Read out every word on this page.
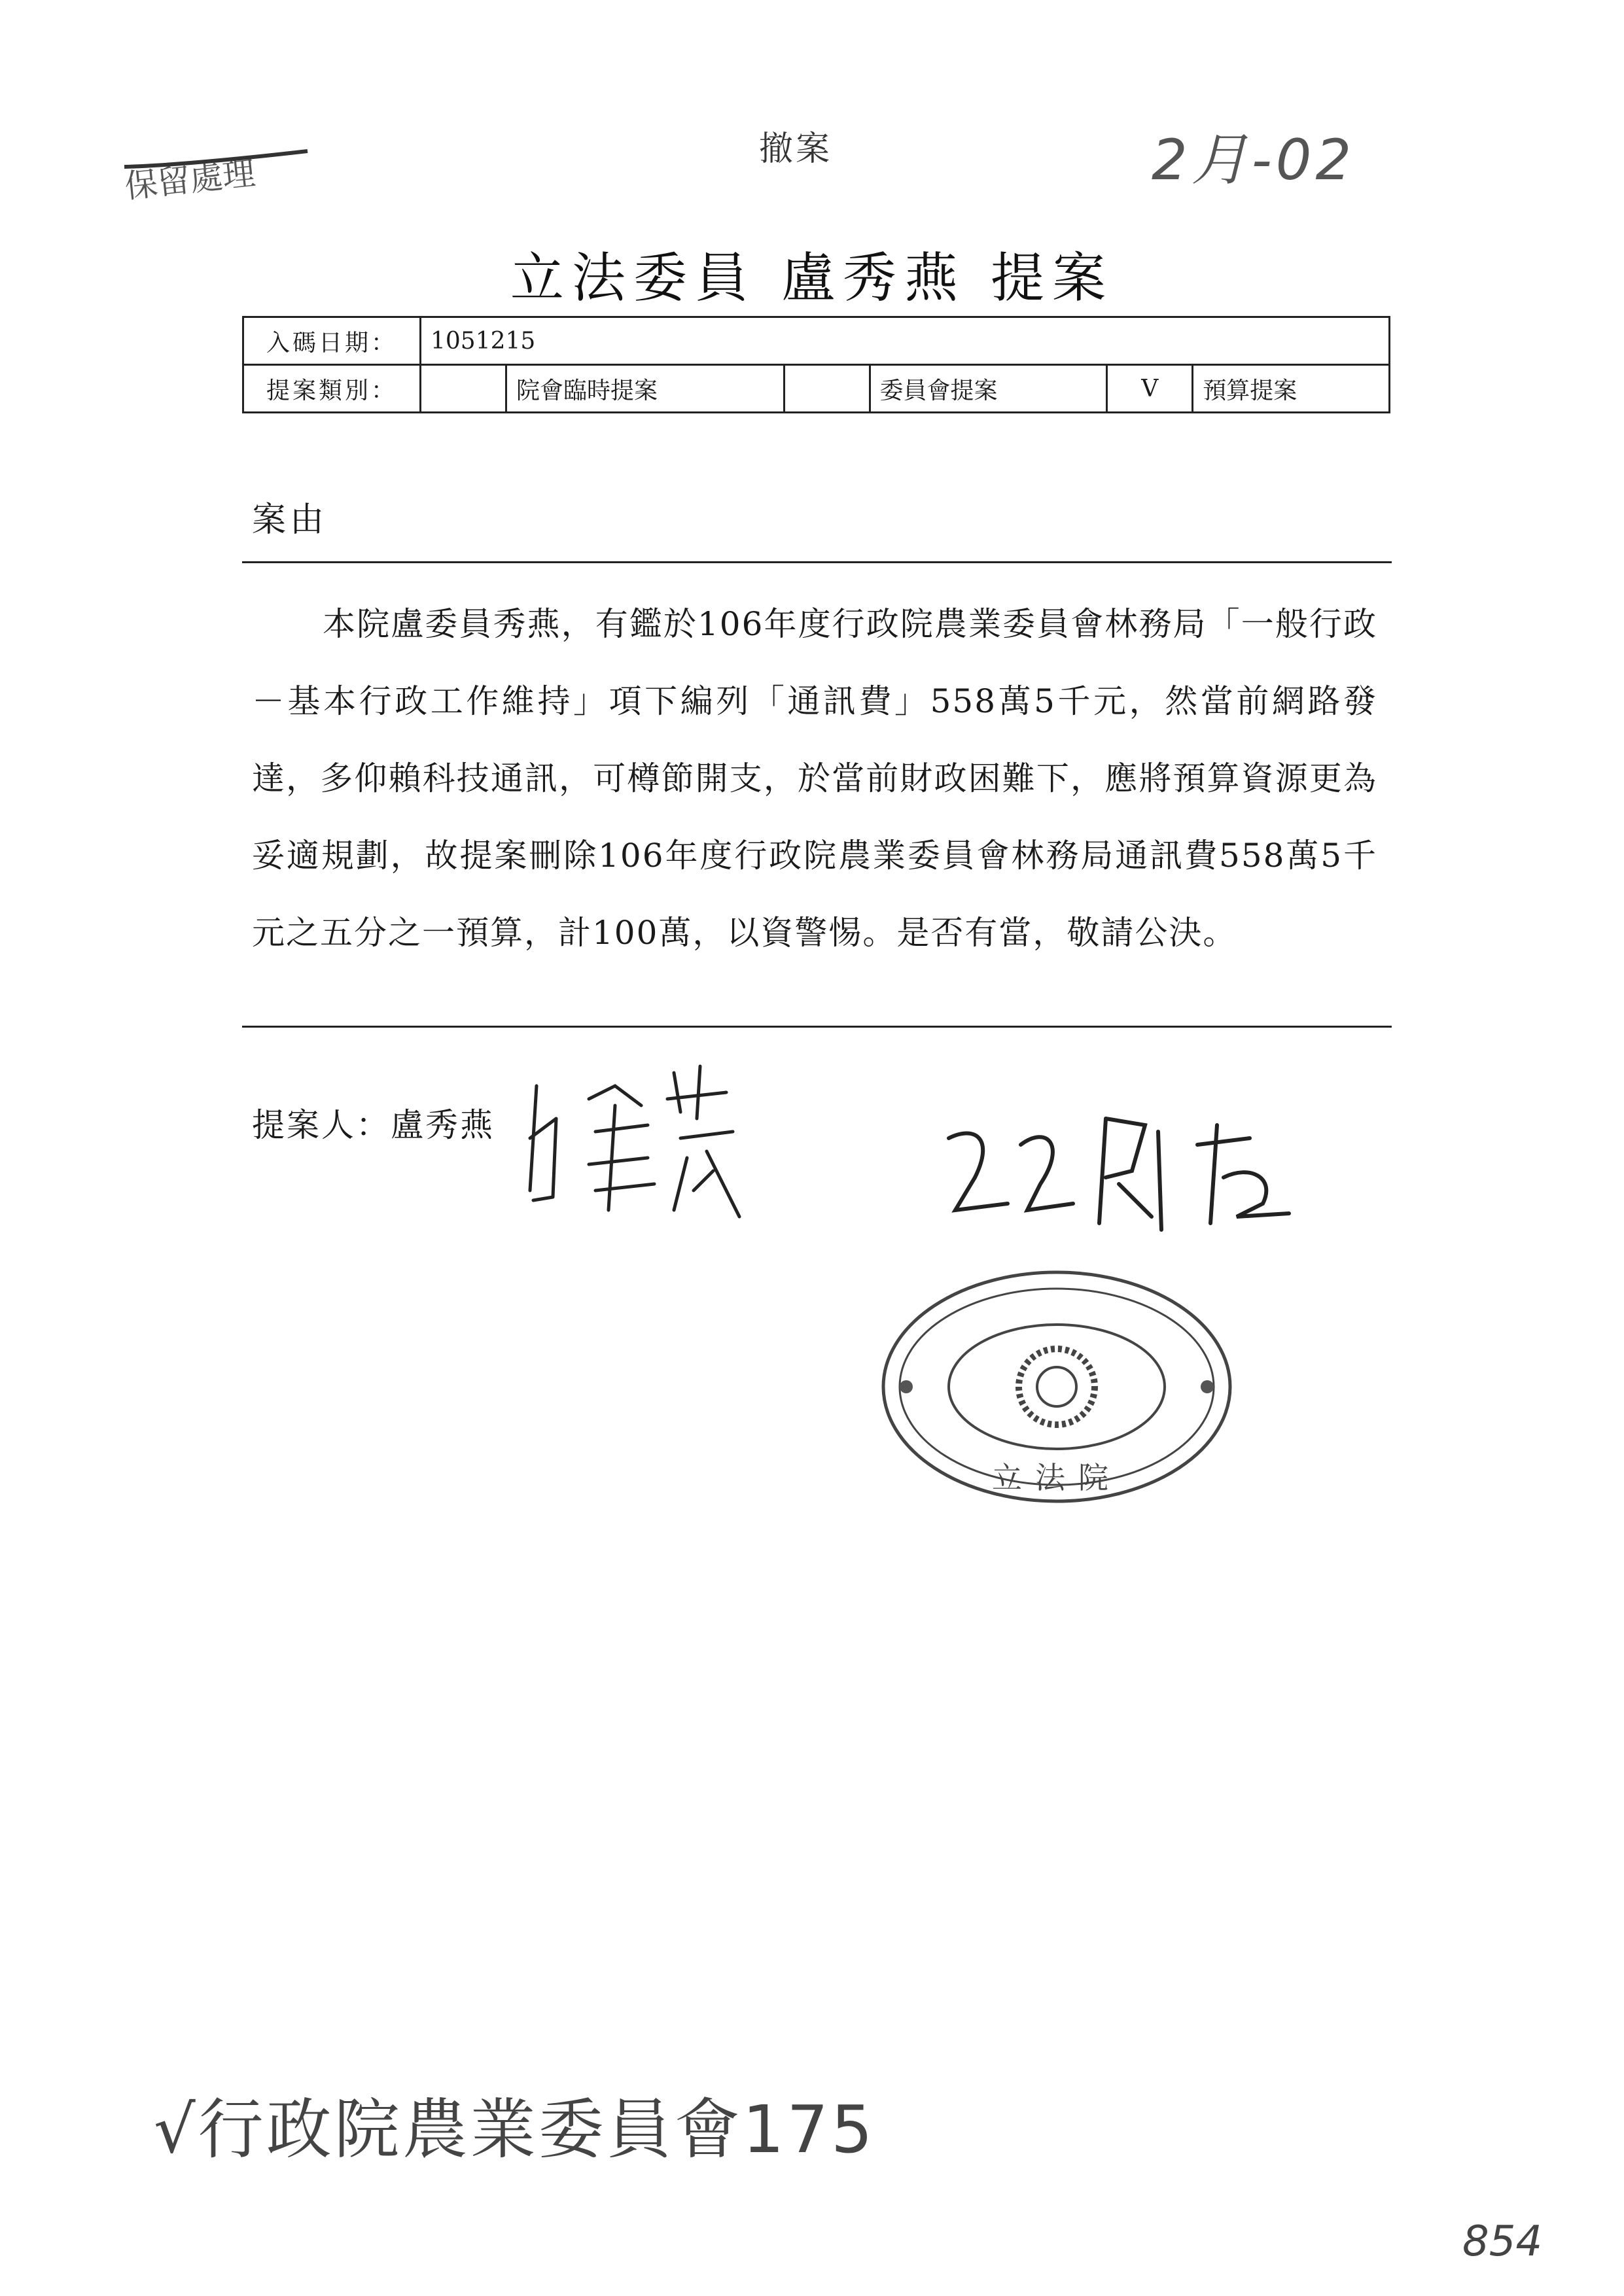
保留處理
撤案	2月-02
立法委員 盧秀燕 提案
入碼日期：	1051215					
提案類別：		院會臨時提案		委員會提案	V	預算提案
案由

本院盧委員秀燕，有鑑於106年度行政院農業委員會林務局「一般行政－基本行政工作維持」項下編列「通訊費」558萬5千元，然當前網路發達，多仰賴科技通訊，可樽節開支，於當前財政困難下，應將預算資源更為妥適規劃，故提案刪除106年度行政院農業委員會林務局通訊費558萬5千元之五分之一預算，計100萬，以資警惕。是否有當，敬請公決。

提案人：盧秀燕
立法院
√行政院農業委員會175
854
